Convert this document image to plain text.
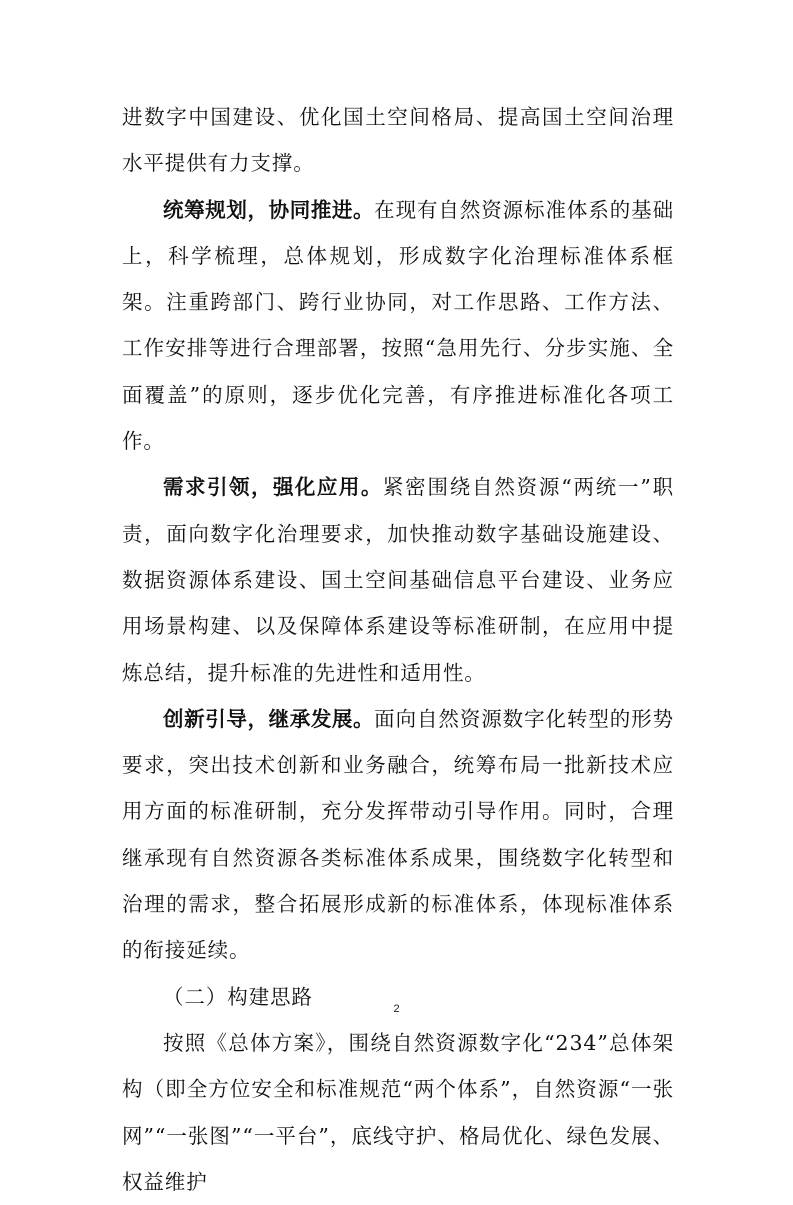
进数字中国建设、优化国土空间格局、提高国土空间治理水平提供有力支撑。

统筹规划，协同推进。在现有自然资源标准体系的基础上，科学梳理，总体规划，形成数字化治理标准体系框架。注重跨部门、跨行业协同，对工作思路、工作方法、工作安排等进行合理部署，按照“急用先行、分步实施、全面覆盖”的原则，逐步优化完善，有序推进标准化各项工作。

需求引领，强化应用。紧密围绕自然资源“两统一”职责，面向数字化治理要求，加快推动数字基础设施建设、数据资源体系建设、国土空间基础信息平台建设、业务应用场景构建、以及保障体系建设等标准研制，在应用中提炼总结，提升标准的先进性和适用性。

创新引导，继承发展。面向自然资源数字化转型的形势要求，突出技术创新和业务融合，统筹布局一批新技术应用方面的标准研制，充分发挥带动引导作用。同时，合理继承现有自然资源各类标准体系成果，围绕数字化转型和治理的需求，整合拓展形成新的标准体系，体现标准体系的衔接延续。

（二）构建思路

按照《总体方案》，围绕自然资源数字化“234”总体架构（即全方位安全和标准规范“两个体系”，自然资源“一张网”“一张图”“一平台”，底线守护、格局优化、绿色发展、权益维护

2
